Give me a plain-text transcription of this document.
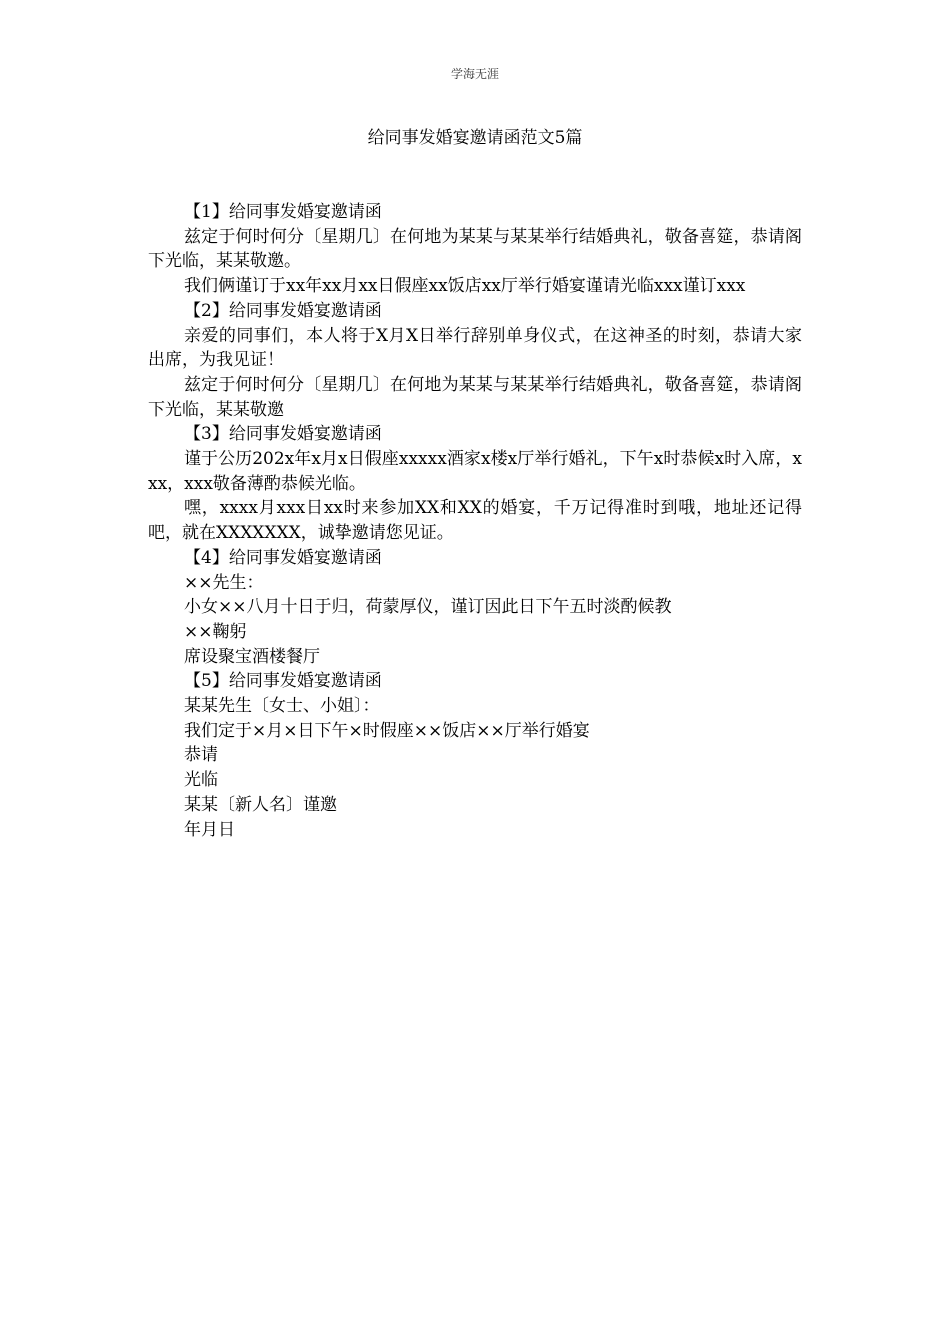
学海无涯
给同事发婚宴邀请函范文5篇

【1】给同事发婚宴邀请函

兹定于何时何分〔星期几〕在何地为某某与某某举行结婚典礼，敬备喜筵，恭请阁下光临，某某敬邀。

我们俩谨订于xx年xx月xx日假座xx饭店xx厅举行婚宴谨请光临xxx谨订xxx

【2】给同事发婚宴邀请函

亲爱的同事们，本人将于X月X日举行辞别单身仪式，在这神圣的时刻，恭请大家出席，为我见证！

兹定于何时何分〔星期几〕在何地为某某与某某举行结婚典礼，敬备喜筵，恭请阁下光临，某某敬邀

【3】给同事发婚宴邀请函

谨于公历202x年x月x日假座xxxxx酒家x楼x厅举行婚礼，下午x时恭候x时入席，xxx，xxx敬备薄酌恭候光临。

嘿，xxxx月xxx日xx时来参加XX和XX的婚宴，千万记得准时到哦，地址还记得吧，就在XXXXXXX，诚挚邀请您见证。

【4】给同事发婚宴邀请函

××先生：

小女××八月十日于归，荷蒙厚仪，谨订因此日下午五时淡酌候教

××鞠躬

席设聚宝酒楼餐厅

【5】给同事发婚宴邀请函

某某先生〔女士、小姐〕：

我们定于×月×日下午×时假座××饭店××厅举行婚宴

恭请

光临

某某〔新人名〕谨邀

年月日
